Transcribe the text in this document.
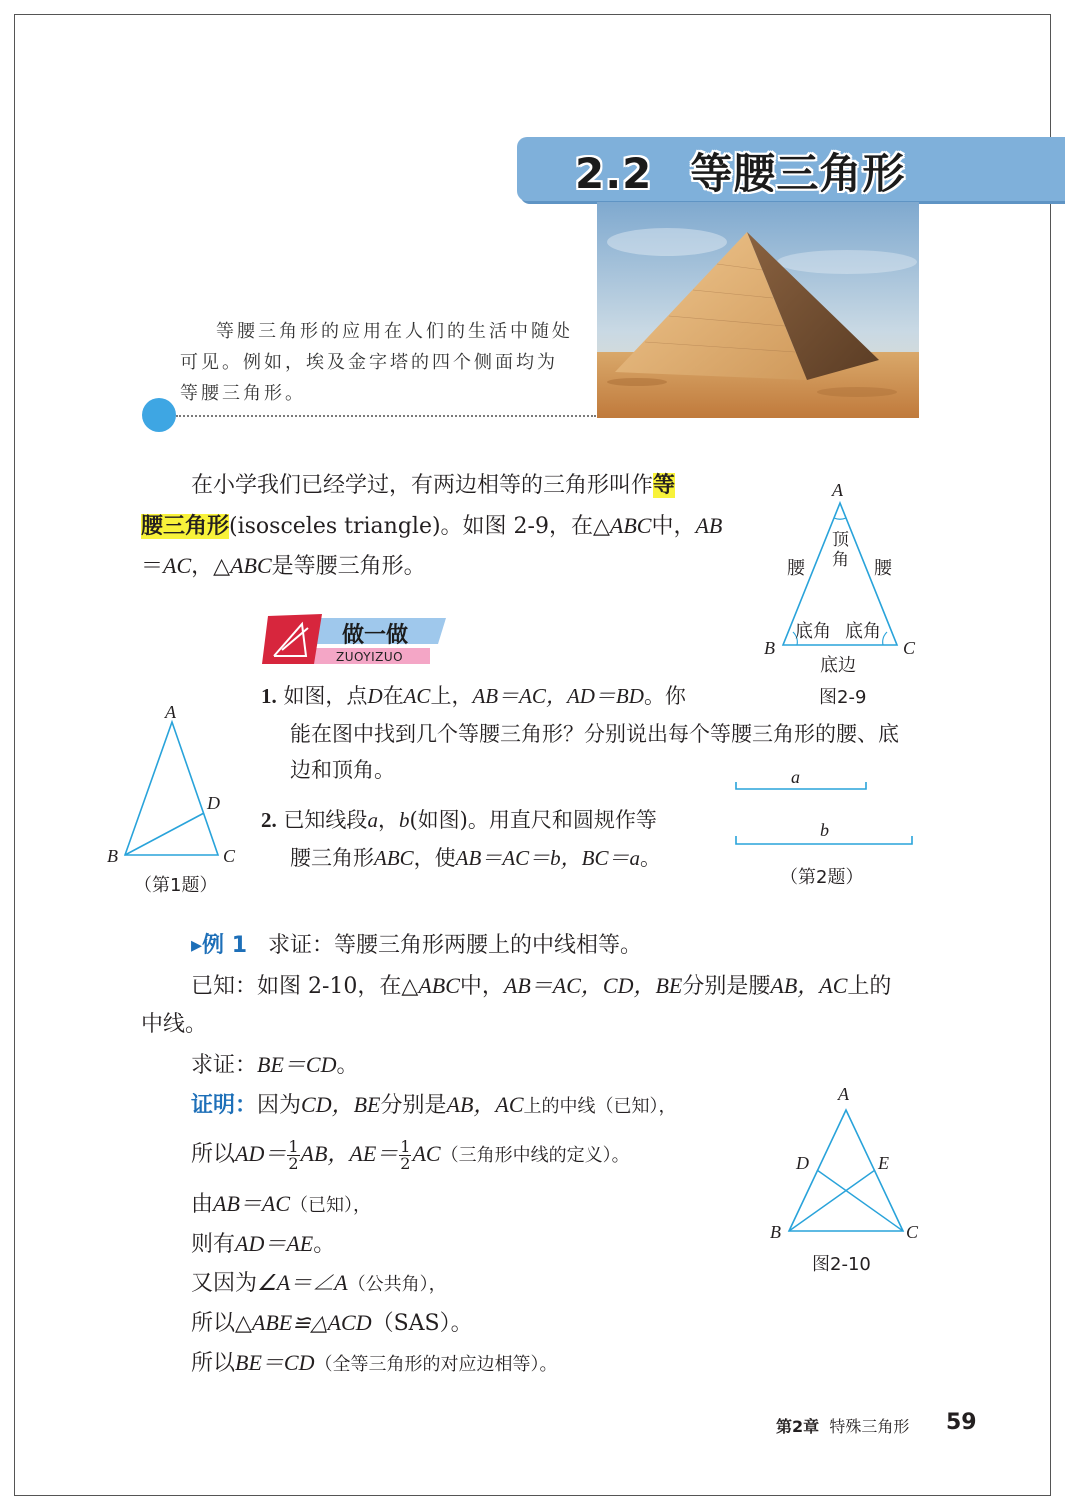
2.2 等腰三角形
等腰三角形的应用在人们的生活中随处可见。例如，埃及金字塔的四个侧面均为等腰三角形。
在小学我们已经学过，有两边相等的三角形叫作等
腰三角形(isosceles triangle)。如图 2-9，在△ABC中，AB
＝AC，△ABC是等腰三角形。
A
B	C
腰	腰
顶
角
底角 底角
底边
图2-9
做一做
ZUOYIZUO
1. 如图，点D在AC上，AB＝AC，AD＝BD。你
能在图中找到几个等腰三角形？分别说出每个等腰三角形的腰、底
边和顶角。
A
B	C
D
（第1题）
2. 已知线段a，b(如图)。用直尺和圆规作等
腰三角形ABC，使AB＝AC＝b，BC＝a。
a
b
（第2题）
▸例 1 求证：等腰三角形两腰上的中线相等。
已知：如图 2-10，在△ABC中，AB＝AC，CD，BE分别是腰AB，AC上的
中线。
求证：BE＝CD。
证明：因为CD，BE分别是AB，AC上的中线（已知），
所以$AD= \frac{1}{2}$ AB，$AE= \frac{1}{2} AC$（三角形中线的定义）。
由AB＝AC（已知），
则有AD＝AE。
又因为∠A＝∠A（公共角），
所以△ABE≌△ACD（SAS）。
所以BE＝CD（全等三角形的对应边相等）。
A
B	C
D	E
图2-10
第2章 特殊三角形 59
